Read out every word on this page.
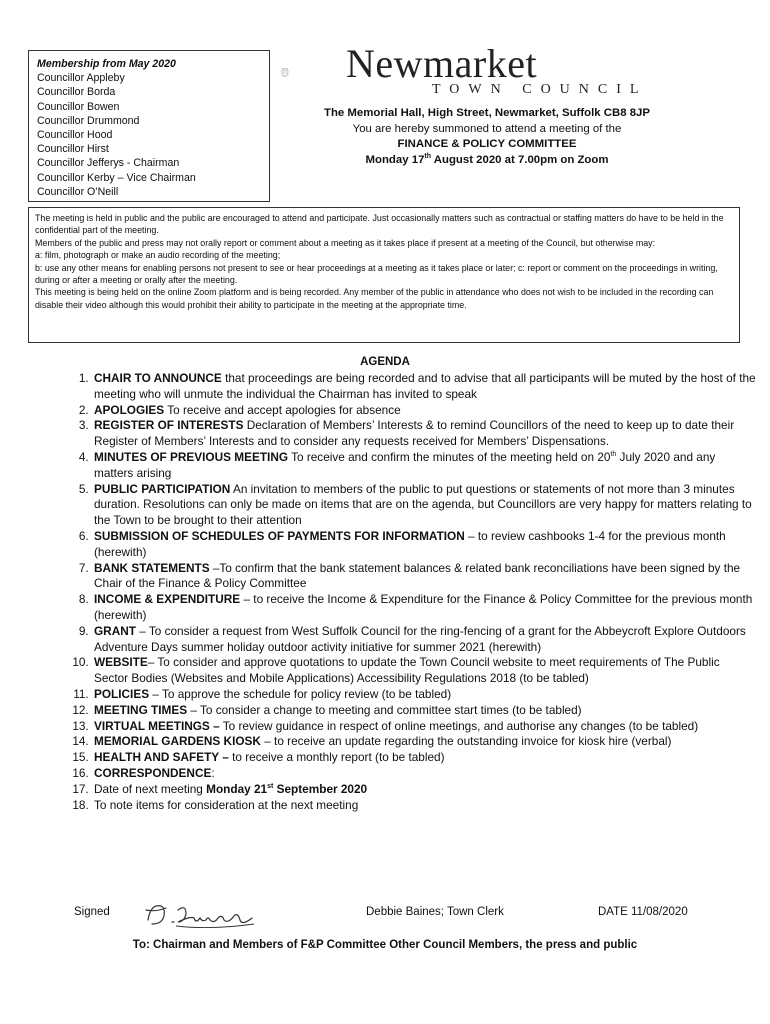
Membership from May 2020
Councillor Appleby
Councillor Borda
Councillor Bowen
Councillor Drummond
Councillor Hood
Councillor Hirst
Councillor Jefferys - Chairman
Councillor Kerby – Vice Chairman
Councillor O’Neill
Newmarket
TOWN COUNCIL
The Memorial Hall, High Street, Newmarket, Suffolk CB8 8JP
You are hereby summoned to attend a meeting of the
FINANCE & POLICY COMMITTEE
Monday 17th August 2020 at 7.00pm on Zoom

The meeting is held in public and the public are encouraged to attend and participate. Just occasionally matters such as contractual or staffing matters do have to be held in the confidential part of the meeting.

Members of the public and press may not orally report or comment about a meeting as it takes place if present at a meeting of the Council, but otherwise may:

a: film, photograph or make an audio recording of the meeting;

b: use any other means for enabling persons not present to see or hear proceedings at a meeting as it takes place or later; c: report or comment on the proceedings in writing, during or after a meeting or orally after the meeting.

This meeting is being held on the online Zoom platform and is being recorded. Any member of the public in attendance who does not wish to be included in the recording can disable their video although this would prohibit their ability to participate in the meeting at the appropriate time.

AGENDA
1. CHAIR TO ANNOUNCE that proceedings are being recorded and to advise that all participants will be muted by the host of the meeting who will unmute the individual the Chairman has invited to speak
2. APOLOGIES To receive and accept apologies for absence
3. REGISTER OF INTERESTS Declaration of Members’ Interests & to remind Councillors of the need to keep up to date their Register of Members’ Interests and to consider any requests received for Members’ Dispensations.
4. MINUTES OF PREVIOUS MEETING To receive and confirm the minutes of the meeting held on 20th July 2020 and any matters arising
5. PUBLIC PARTICIPATION An invitation to members of the public to put questions or statements of not more than 3 minutes duration. Resolutions can only be made on items that are on the agenda, but Councillors are very happy for matters relating to the Town to be brought to their attention
6. SUBMISSION OF SCHEDULES OF PAYMENTS FOR INFORMATION – to review cashbooks 1-4 for the previous month (herewith)
7. BANK STATEMENTS –To confirm that the bank statement balances & related bank reconciliations have been signed by the Chair of the Finance & Policy Committee
8. INCOME & EXPENDITURE – to receive the Income & Expenditure for the Finance & Policy Committee for the previous month (herewith)
9. GRANT – To consider a request from West Suffolk Council for the ring-fencing of a grant for the Abbeycroft Explore Outdoors Adventure Days summer holiday outdoor activity initiative for summer 2021 (herewith)
10. WEBSITE– To consider and approve quotations to update the Town Council website to meet requirements of The Public Sector Bodies (Websites and Mobile Applications) Accessibility Regulations 2018 (to be tabled)
11. POLICIES – To approve the schedule for policy review (to be tabled)
12. MEETING TIMES – To consider a change to meeting and committee start times (to be tabled)
13. VIRTUAL MEETINGS – To review guidance in respect of online meetings, and authorise any changes (to be tabled)
14. MEMORIAL GARDENS KIOSK – to receive an update regarding the outstanding invoice for kiosk hire (verbal)
15. HEALTH AND SAFETY – to receive a monthly report (to be tabled)
16. CORRESPONDENCE:
17. Date of next meeting Monday 21st September 2020
18. To note items for consideration at the next meeting
Signed	Debbie Baines; Town Clerk	DATE 11/08/2020
To: Chairman and Members of F&P Committee Other Council Members, the press and public
